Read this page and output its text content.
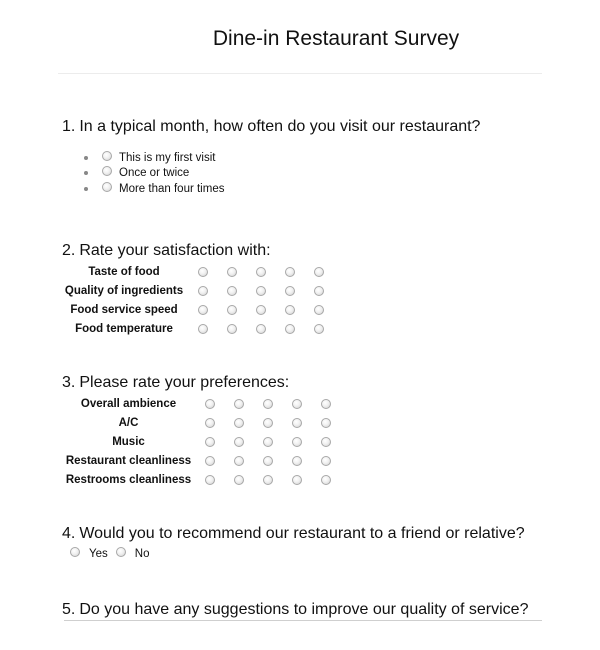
Dine-in Restaurant Survey
1. In a typical month, how often do you visit our restaurant?
This is my first visit
Once or twice
More than four times
2. Rate your satisfaction with:
Taste of food
Quality of ingredients
Food service speed
Food temperature
3. Please rate your preferences:
Overall ambience
A/C
Music
Restaurant cleanliness
Restrooms cleanliness
4. Would you to recommend our restaurant to a friend or relative?
Yes No
5. Do you have any suggestions to improve our quality of service?
